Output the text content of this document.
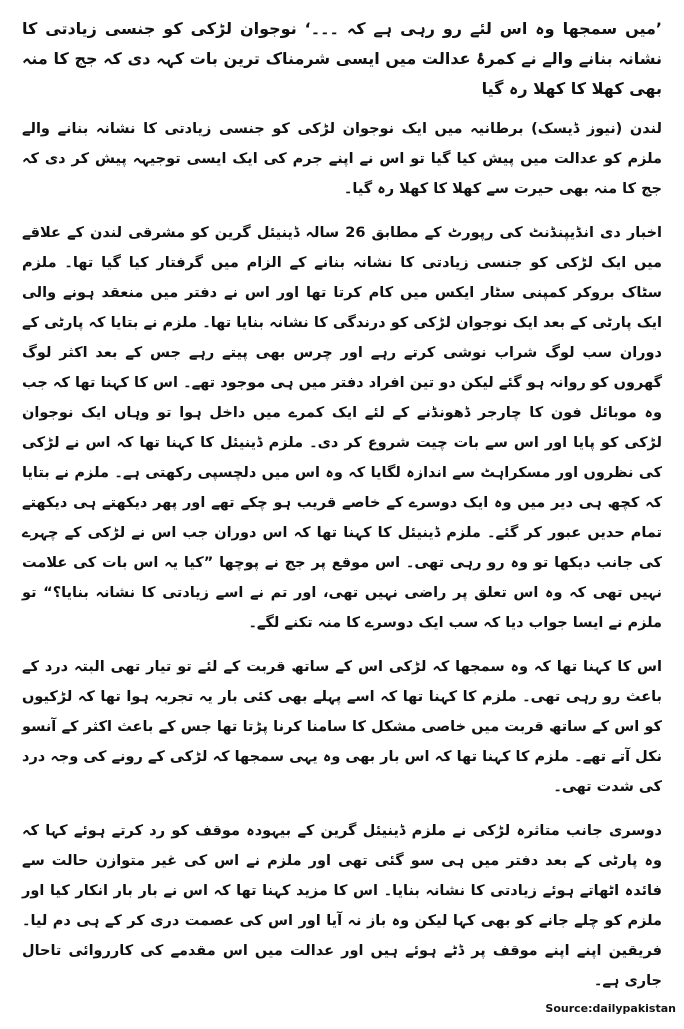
’میں سمجھا وہ اس لئے رو رہی ہے کہ ۔۔۔‘ نوجوان لڑکی کو جنسی زیادتی کا نشانہ بنانے والے نے کمرۂ عدالت میں ایسی شرمناک ترین بات کہہ دی کہ جج کا منہ بھی کھلا کا کھلا رہ گیا

لندن (نیوز ڈیسک) برطانیہ میں ایک نوجوان لڑکی کو جنسی زیادتی کا نشانہ بنانے والے ملزم کو عدالت میں پیش کیا گیا تو اس نے اپنے جرم کی ایک ایسی توجیہہ پیش کر دی کہ جج کا منہ بھی حیرت سے کھلا کا کھلا رہ گیا۔

اخبار دی انڈیپنڈنٹ کی رپورٹ کے مطابق 26 سالہ ڈینیئل گرین کو مشرقی لندن کے علاقے میں ایک لڑکی کو جنسی زیادتی کا نشانہ بنانے کے الزام میں گرفتار کیا گیا تھا۔ ملزم سٹاک بروکر کمپنی سٹار ایکس میں کام کرتا تھا اور اس نے دفتر میں منعقد ہونے والی ایک پارٹی کے بعد ایک نوجوان لڑکی کو درندگی کا نشانہ بنایا تھا۔ ملزم نے بتایا کہ پارٹی کے دوران سب لوگ شراب نوشی کرتے رہے اور چرس بھی پیتے رہے جس کے بعد اکثر لوگ گھروں کو روانہ ہو گئے لیکن دو تین افراد دفتر میں ہی موجود تھے۔ اس کا کہنا تھا کہ جب وہ موبائل فون کا چارجر ڈھونڈنے کے لئے ایک کمرے میں داخل ہوا تو وہاں ایک نوجوان لڑکی کو پایا اور اس سے بات چیت شروع کر دی۔ ملزم ڈینیئل کا کہنا تھا کہ اس نے لڑکی کی نظروں اور مسکراہٹ سے اندازہ لگایا کہ وہ اس میں دلچسپی رکھتی ہے۔ ملزم نے بتایا کہ کچھ ہی دیر میں وہ ایک دوسرے کے خاصے قریب ہو چکے تھے اور پھر دیکھتے ہی دیکھتے تمام حدیں عبور کر گئے۔ ملزم ڈینیئل کا کہنا تھا کہ اس دوران جب اس نے لڑکی کے چہرے کی جانب دیکھا تو وہ رو رہی تھی۔ اس موقع پر جج نے پوچھا ”کیا یہ اس بات کی علامت نہیں تھی کہ وہ اس تعلق پر راضی نہیں تھی، اور تم نے اسے زیادتی کا نشانہ بنایا؟“ تو ملزم نے ایسا جواب دیا کہ سب ایک دوسرے کا منہ تکنے لگے۔

اس کا کہنا تھا کہ وہ سمجھا کہ لڑکی اس کے ساتھ قربت کے لئے تو تیار تھی البتہ درد کے باعث رو رہی تھی۔ ملزم کا کہنا تھا کہ اسے پہلے بھی کئی بار یہ تجربہ ہوا تھا کہ لڑکیوں کو اس کے ساتھ قربت میں خاصی مشکل کا سامنا کرنا پڑتا تھا جس کے باعث اکثر کے آنسو نکل آتے تھے۔ ملزم کا کہنا تھا کہ اس بار بھی وہ یہی سمجھا کہ لڑکی کے رونے کی وجہ درد کی شدت تھی۔

دوسری جانب متاثرہ لڑکی نے ملزم ڈینیئل گرین کے بیہودہ موقف کو رد کرتے ہوئے کہا کہ وہ پارٹی کے بعد دفتر میں ہی سو گئی تھی اور ملزم نے اس کی غیر متوازن حالت سے فائدہ اٹھاتے ہوئے زیادتی کا نشانہ بنایا۔ اس کا مزید کہنا تھا کہ اس نے بار بار انکار کیا اور ملزم کو چلے جانے کو بھی کہا لیکن وہ باز نہ آیا اور اس کی عصمت دری کر کے ہی دم لیا۔ فریقین اپنے اپنے موقف پر ڈٹے ہوئے ہیں اور عدالت میں اس مقدمے کی کارروائی تاحال جاری ہے۔

Source:dailypakistan
